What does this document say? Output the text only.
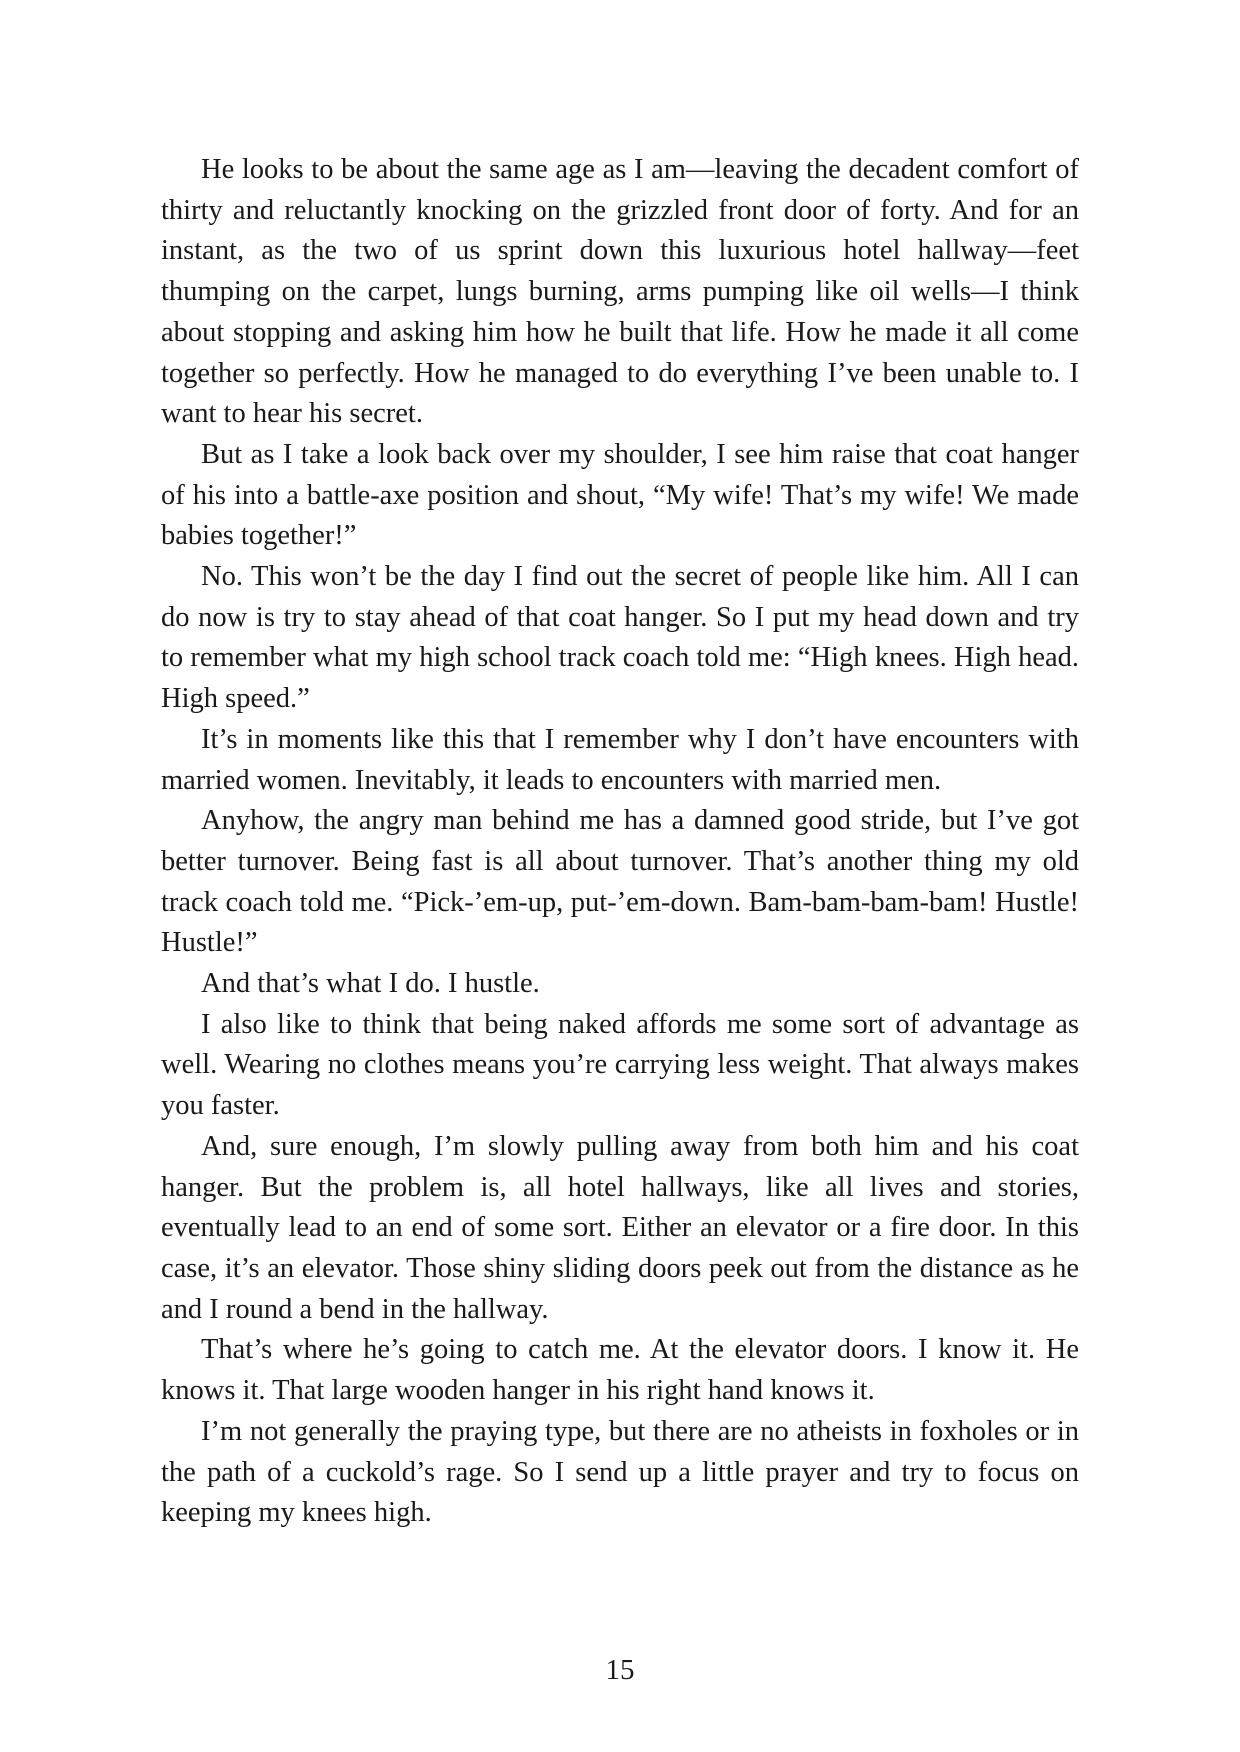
He looks to be about the same age as I am—leaving the decadent comfort of thirty and reluctantly knocking on the grizzled front door of forty. And for an instant, as the two of us sprint down this luxurious hotel hallway—feet thumping on the carpet, lungs burning, arms pumping like oil wells—I think about stopping and asking him how he built that life. How he made it all come together so perfectly. How he managed to do everything I’ve been unable to. I want to hear his secret.

But as I take a look back over my shoulder, I see him raise that coat hanger of his into a battle-axe position and shout, “My wife! That’s my wife! We made babies together!”

No. This won’t be the day I find out the secret of people like him. All I can do now is try to stay ahead of that coat hanger. So I put my head down and try to remember what my high school track coach told me: “High knees. High head. High speed.”

It’s in moments like this that I remember why I don’t have encounters with married women. Inevitably, it leads to encounters with married men.

Anyhow, the angry man behind me has a damned good stride, but I’ve got better turnover. Being fast is all about turnover. That’s another thing my old track coach told me. “Pick-’em-up, put-’em-down. Bam-bam-bam-bam! Hustle! Hustle!”

And that’s what I do. I hustle.

I also like to think that being naked affords me some sort of advantage as well. Wearing no clothes means you’re carrying less weight. That always makes you faster.

And, sure enough, I’m slowly pulling away from both him and his coat hanger. But the problem is, all hotel hallways, like all lives and stories, eventually lead to an end of some sort. Either an elevator or a fire door. In this case, it’s an elevator. Those shiny sliding doors peek out from the distance as he and I round a bend in the hallway.

That’s where he’s going to catch me. At the elevator doors. I know it. He knows it. That large wooden hanger in his right hand knows it.

I’m not generally the praying type, but there are no atheists in foxholes or in the path of a cuckold’s rage. So I send up a little prayer and try to focus on keeping my knees high.

15
